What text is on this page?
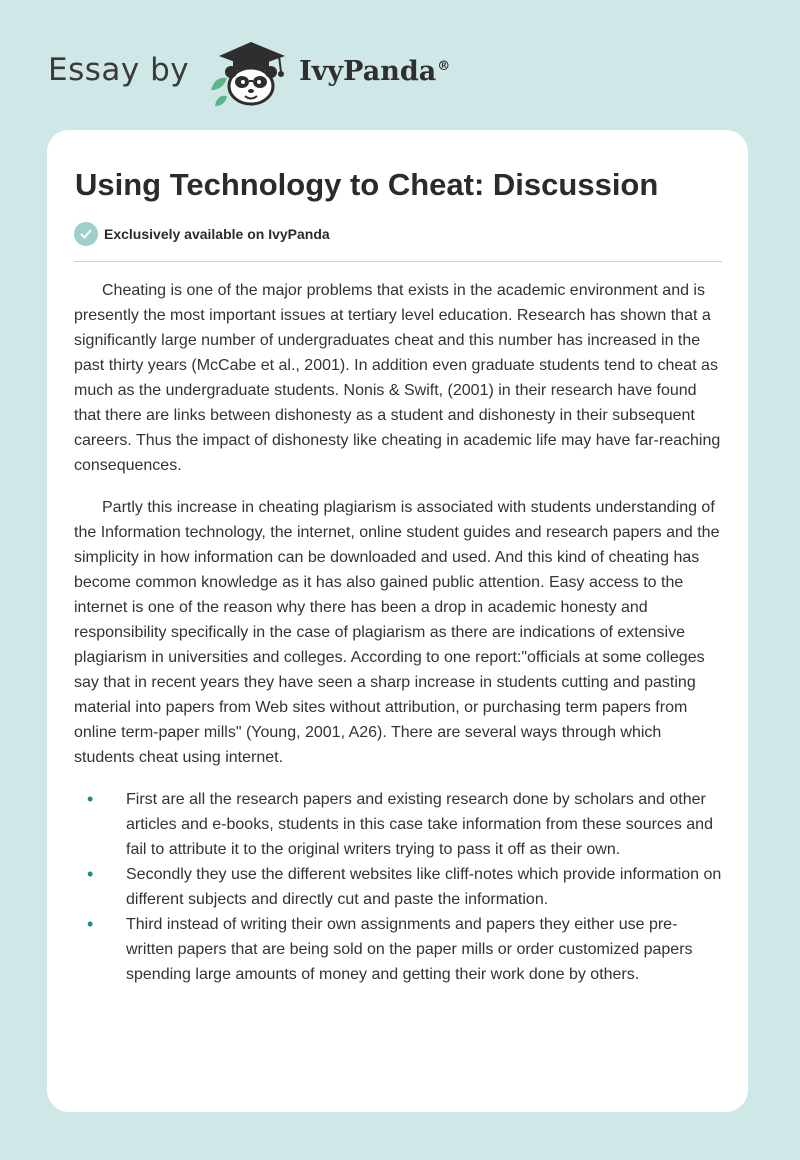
Essay by	IvyPanda®
Using Technology to Cheat: Discussion
Exclusively available on IvyPanda

Cheating is one of the major problems that exists in the academic environment and is presently the most important issues at tertiary level education. Research has shown that a significantly large number of undergraduates cheat and this number has increased in the past thirty years (McCabe et al., 2001). In addition even graduate students tend to cheat as much as the undergraduate students. Nonis & Swift, (2001) in their research have found that there are links between dishonesty as a student and dishonesty in their subsequent careers. Thus the impact of dishonesty like cheating in academic life may have far-reaching consequences.

Partly this increase in cheating plagiarism is associated with students understanding of the Information technology, the internet, online student guides and research papers and the simplicity in how information can be downloaded and used. And this kind of cheating has become common knowledge as it has also gained public attention. Easy access to the internet is one of the reason why there has been a drop in academic honesty and responsibility specifically in the case of plagiarism as there are indications of extensive plagiarism in universities and colleges. According to one report:"officials at some colleges say that in recent years they have seen a sharp increase in students cutting and pasting material into papers from Web sites without attribution, or purchasing term papers from online term-paper mills" (Young, 2001, A26). There are several ways through which students cheat using internet.

• First are all the research papers and existing research done by scholars and other articles and e-books, students in this case take information from these sources and fail to attribute it to the original writers trying to pass it off as their own.
• Secondly they use the different websites like cliff-notes which provide information on different subjects and directly cut and paste the information.
• Third instead of writing their own assignments and papers they either use pre-written papers that are being sold on the paper mills or order customized papers spending large amounts of money and getting their work done by others.
